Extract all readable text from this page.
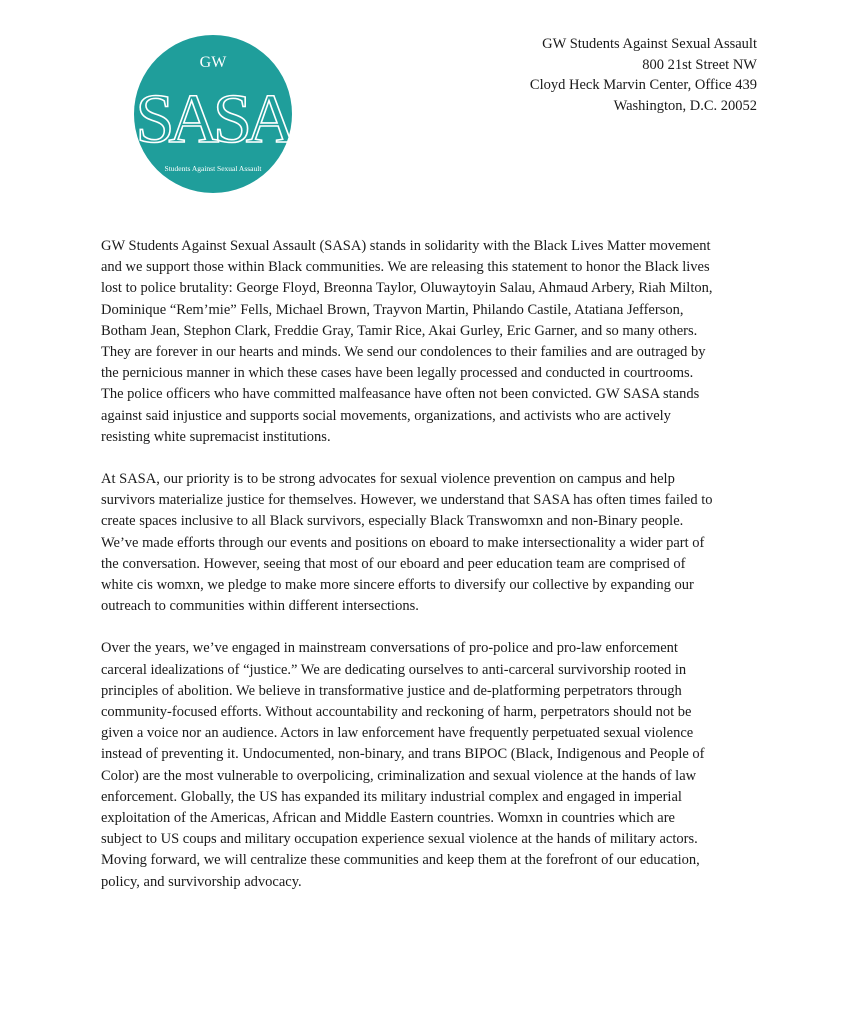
GW
SASA
Students Against Sexual Assault
GW Students Against Sexual Assault
800 21st Street NW
Cloyd Heck Marvin Center, Office 439
Washington, D.C. 20052
GW Students Against Sexual Assault (SASA) stands in solidarity with the Black Lives Matter movement
and we support those within Black communities. We are releasing this statement to honor the Black lives
lost to police brutality: George Floyd, Breonna Taylor, Oluwaytoyin Salau, Ahmaud Arbery, Riah Milton,
Dominique “Rem’mie” Fells, Michael Brown, Trayvon Martin, Philando Castile, Atatiana Jefferson,
Botham Jean, Stephon Clark, Freddie Gray, Tamir Rice, Akai Gurley, Eric Garner, and so many others.
They are forever in our hearts and minds. We send our condolences to their families and are outraged by
the pernicious manner in which these cases have been legally processed and conducted in courtrooms.
The police officers who have committed malfeasance have often not been convicted. GW SASA stands
against said injustice and supports social movements, organizations, and activists who are actively
resisting white supremacist institutions.
At SASA, our priority is to be strong advocates for sexual violence prevention on campus and help
survivors materialize justice for themselves. However, we understand that SASA has often times failed to
create spaces inclusive to all Black survivors, especially Black Transwomxn and non-Binary people.
We’ve made efforts through our events and positions on eboard to make intersectionality a wider part of
the conversation. However, seeing that most of our eboard and peer education team are comprised of
white cis womxn, we pledge to make more sincere efforts to diversify our collective by expanding our
outreach to communities within different intersections.
Over the years, we’ve engaged in mainstream conversations of pro-police and pro-law enforcement
carceral idealizations of “justice.” We are dedicating ourselves to anti-carceral survivorship rooted in
principles of abolition. We believe in transformative justice and de-platforming perpetrators through
community-focused efforts. Without accountability and reckoning of harm, perpetrators should not be
given a voice nor an audience. Actors in law enforcement have frequently perpetuated sexual violence
instead of preventing it. Undocumented, non-binary, and trans BIPOC (Black, Indigenous and People of
Color) are the most vulnerable to overpolicing, criminalization and sexual violence at the hands of law
enforcement. Globally, the US has expanded its military industrial complex and engaged in imperial
exploitation of the Americas, African and Middle Eastern countries. Womxn in countries which are
subject to US coups and military occupation experience sexual violence at the hands of military actors.
Moving forward, we will centralize these communities and keep them at the forefront of our education,
policy, and survivorship advocacy.
